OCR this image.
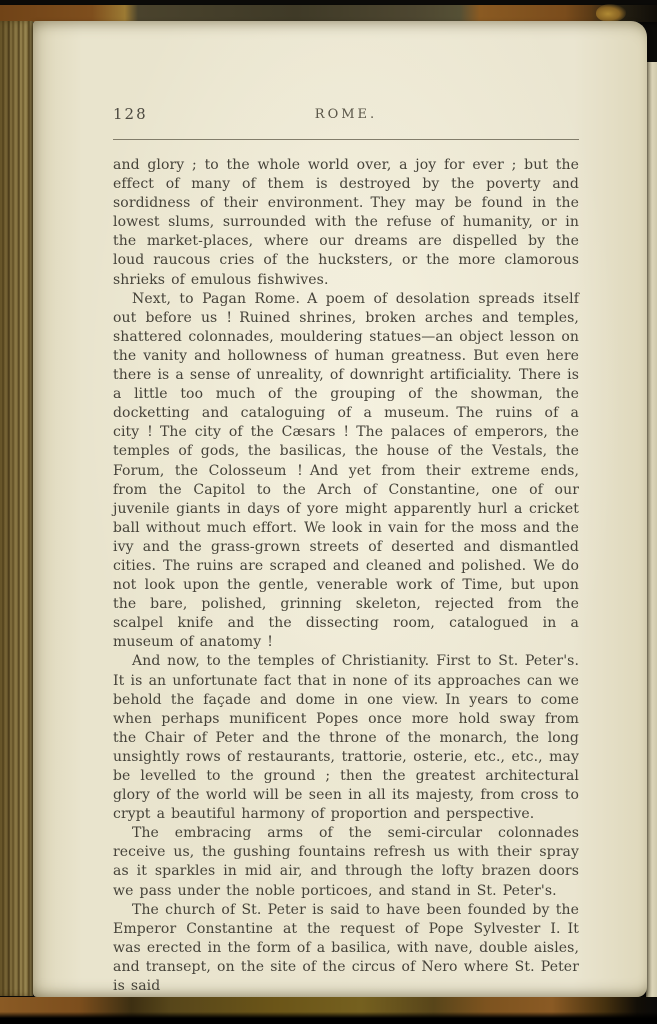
128	ROME.

and glory ; to the whole world over, a joy for ever ; but the effect of many of them is destroyed by the poverty and sordidness of their environment. They may be found in the lowest slums, surrounded with the refuse of humanity, or in the market-places, where our dreams are dispelled by the loud raucous cries of the hucksters, or the more clamorous shrieks of emulous fishwives.

Next, to Pagan Rome. A poem of desolation spreads itself out before us ! Ruined shrines, broken arches and temples, shattered colonnades, mouldering statues—an object lesson on the vanity and hollowness of human greatness. But even here there is a sense of unreality, of downright artificiality. There is a little too much of the grouping of the showman, the docketting and cataloguing of a museum. The ruins of a city ! The city of the Cæsars ! The palaces of emperors, the temples of gods, the basilicas, the house of the Vestals, the Forum, the Colosseum ! And yet from their extreme ends, from the Capitol to the Arch of Constantine, one of our juvenile giants in days of yore might apparently hurl a cricket ball without much effort. We look in vain for the moss and the ivy and the grass-grown streets of deserted and dismantled cities. The ruins are scraped and cleaned and polished. We do not look upon the gentle, venerable work of Time, but upon the bare, polished, grinning skeleton, rejected from the scalpel knife and the dissecting room, catalogued in a museum of anatomy !

And now, to the temples of Christianity. First to St. Peter's. It is an unfortunate fact that in none of its approaches can we behold the façade and dome in one view. In years to come when perhaps munificent Popes once more hold sway from the Chair of Peter and the throne of the monarch, the long unsightly rows of restaurants, trattorie, osterie, etc., etc., may be levelled to the ground ; then the greatest architectural glory of the world will be seen in all its majesty, from cross to crypt a beautiful harmony of proportion and perspective.

The embracing arms of the semi-circular colonnades receive us, the gushing fountains refresh us with their spray as it sparkles in mid air, and through the lofty brazen doors we pass under the noble porticoes, and stand in St. Peter's.

The church of St. Peter is said to have been founded by the Emperor Constantine at the request of Pope Sylvester I. It was erected in the form of a basilica, with nave, double aisles, and transept, on the site of the circus of Nero where St. Peter is said
